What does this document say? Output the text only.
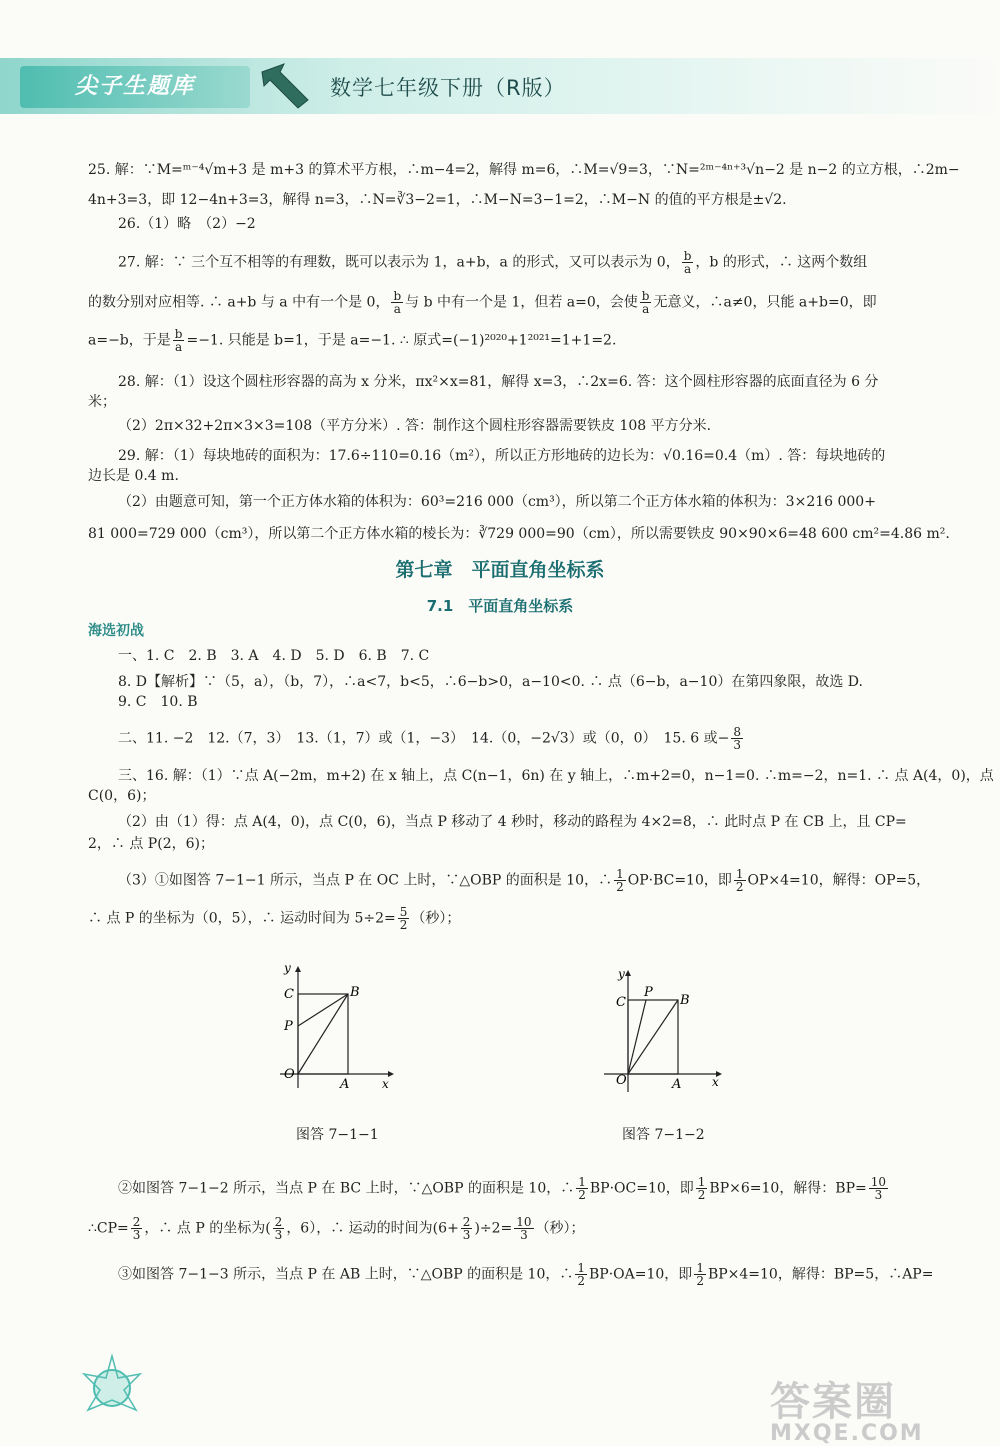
尖子生题库	数学七年级下册（R版）
25. 解：∵M=ᵐ⁻⁴√m+3 是 m+3 的算术平方根，∴m−4=2，解得 m=6，∴M=√9=3，∵N=²ᵐ⁻⁴ⁿ⁺³√n−2 是 n−2 的立方根，∴2m−
4n+3=3，即 12−4n+3=3，解得 n=3，∴N=∛3−2=1，∴M−N=3−1=2，∴M−N 的值的平方根是±√2.
26.（1）略　（2）−2
27. 解：∵ 三个互不相等的有理数，既可以表示为 1，a+b，a 的形式，又可以表示为 0， $\frac{b}{a}$ ，b 的形式，∴ 这两个数组
的数分别对应相等. ∴ a+b 与 a 中有一个是 0， $\frac{b}{a}$ 与 b 中有一个是 1，但若 a=0，会使 $\frac{b}{a}$ 无意义，∴a≠0，只能 a+b=0，即
a=−b，于是 $\frac{b}{a} =-1$. 只能是 b=1，于是 a=−1. ∴ 原式=(−1)²⁰²⁰+1²⁰²¹=1+1=2.
28. 解：（1）设这个圆柱形容器的高为 x 分米，πx²×x=81，解得 x=3，∴2x=6. 答：这个圆柱形容器的底面直径为 6 分
米；
（2）2π×32+2π×3×3=108（平方分米）. 答：制作这个圆柱形容器需要铁皮 108 平方分米.
29. 解：（1）每块地砖的面积为：17.6÷110=0.16（m²），所以正方形地砖的边长为：√0.16=0.4（m）. 答：每块地砖的
边长是 0.4 m.
（2）由题意可知，第一个正方体水箱的体积为：60³=216 000（cm³），所以第二个正方体水箱的体积为：3×216 000+
81 000=729 000（cm³），所以第二个正方体水箱的棱长为：∛729 000=90（cm），所以需要铁皮 90×90×6=48 600 cm²=4.86 m².
第七章　平面直角坐标系
7.1　平面直角坐标系
海选初战
一、1. C　2. B　3. A　4. D　5. D　6. B　7. C
8. D【解析】∵（5，a），（b，7），∴a<7，b<5，∴6−b>0，a−10<0. ∴ 点（6−b，a−10）在第四象限，故选 D.
9. C　10. B
二、11. −2　12.（7，3）　13.（1，7）或（1，−3）　14.（0，−2√3）或（0，0）　15. 6 或− $\frac{8}{3}$
三、16. 解：（1）∵点 A(−2m，m+2) 在 x 轴上，点 C(n−1，6n) 在 y 轴上，∴m+2=0，n−1=0. ∴m=−2，n=1. ∴ 点 A(4，0)，点
C(0，6)；
（2）由（1）得：点 A(4，0)，点 C(0，6)，当点 P 移动了 4 秒时，移动的路程为 4×2=8，∴ 此时点 P 在 CB 上，且 CP=
2，∴ 点 P(2，6)；
（3）①如图答 7−1−1 所示，当点 P 在 OC 上时，∵△OBP 的面积是 10，∴ $\frac{1}{2} OP\cdot BC=10$，即 $\frac{1}{2} OP\times 4=10$，解得：OP=5，
∴ 点 P 的坐标为（0，5），∴ 运动时间为 $5\div 2= \frac{5}{2}$ （秒）；
y
x
O
A
B
C
P
图答 7−1−1
y
x
O	A
B
C
P
图答 7−1−2
②如图答 7−1−2 所示，当点 P 在 BC 上时，∵△OBP 的面积是 10，∴ $\frac{1}{2} BP\cdot OC=10$，即 $\frac{1}{2} BP\times 6=10$，解得：$BP= \frac{10}{3}$
∴CP= $\frac{2}{3}$ ，∴ 点 P 的坐标为( $\frac{2}{3}$ ，6），∴ 运动的时间为$(6+ \frac{2}{3} )\div 2= \frac{10}{3}$ （秒）；
③如图答 7−1−3 所示，当点 P 在 AB 上时，∵△OBP 的面积是 10，∴ $\frac{1}{2} BP\cdot OA=10$，即 $\frac{1}{2} BP\times 4=10$，解得：BP=5，∴AP=
答案圈
MXQE.COM
